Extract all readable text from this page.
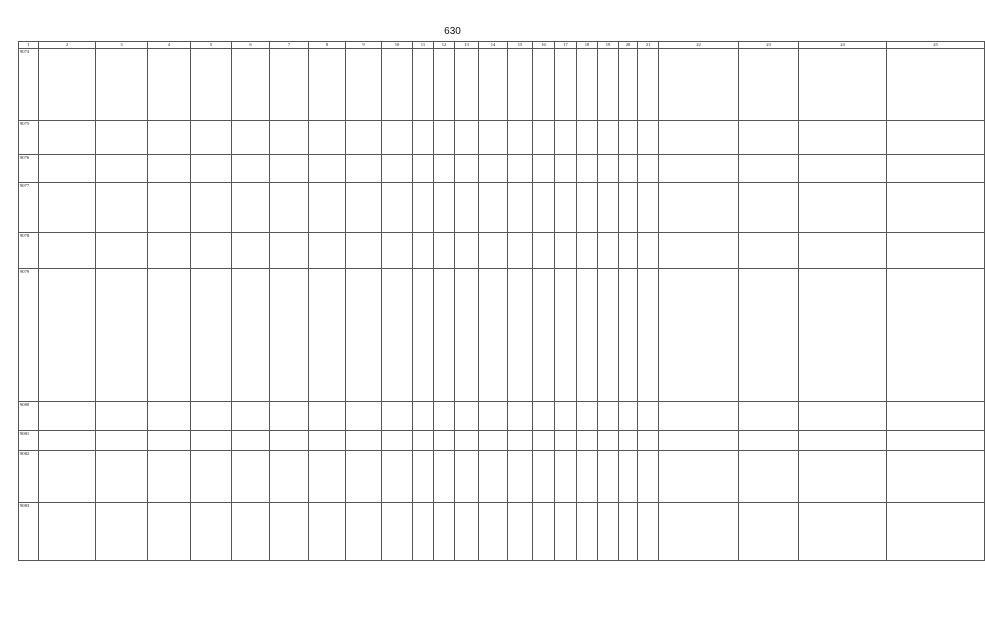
630
1	2	3	4	5	6	7	8	9	10	11	12	13	14	15	16	17	18	19	20	21	22	23	24	25
9074																								
9075																								
9076																								
9077																								
9078																								
9079																								
9080																								
9081																								
9082																								
9083																								
